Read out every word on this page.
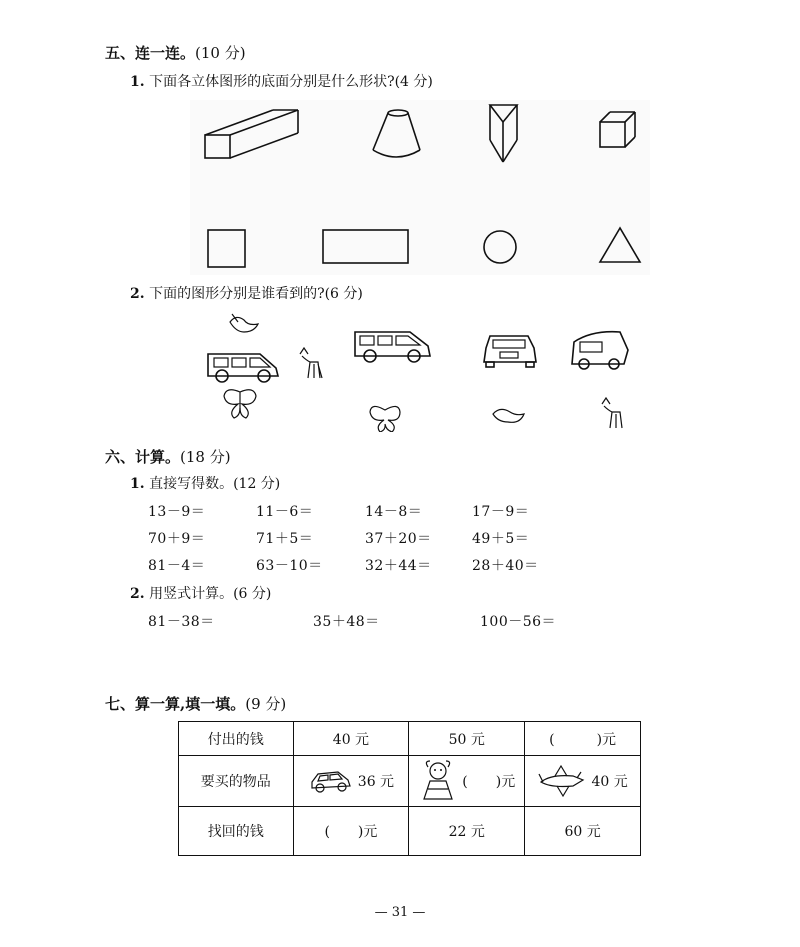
五、连一连。(10 分)
1. 下面各立体图形的底面分别是什么形状?(4 分)
2. 下面的图形分别是谁看到的?(6 分)
六、计算。(18 分)
1. 直接写得数。(12 分)
13－9＝	11－6＝	14－8＝	17－9＝
70＋9＝	71＋5＝	37＋20＝	49＋5＝
81－4＝	63－10＝	32＋44＝	28＋40＝
2. 用竖式计算。(6 分)
81－38＝	35＋48＝	100－56＝
七、算一算,填一填。(9 分)
付出的钱	40 元	50 元	(　　　)元
要买的物品	36 元	(　　)元	40 元

找回的钱	(　　)元	22 元	60 元
— 31 —
